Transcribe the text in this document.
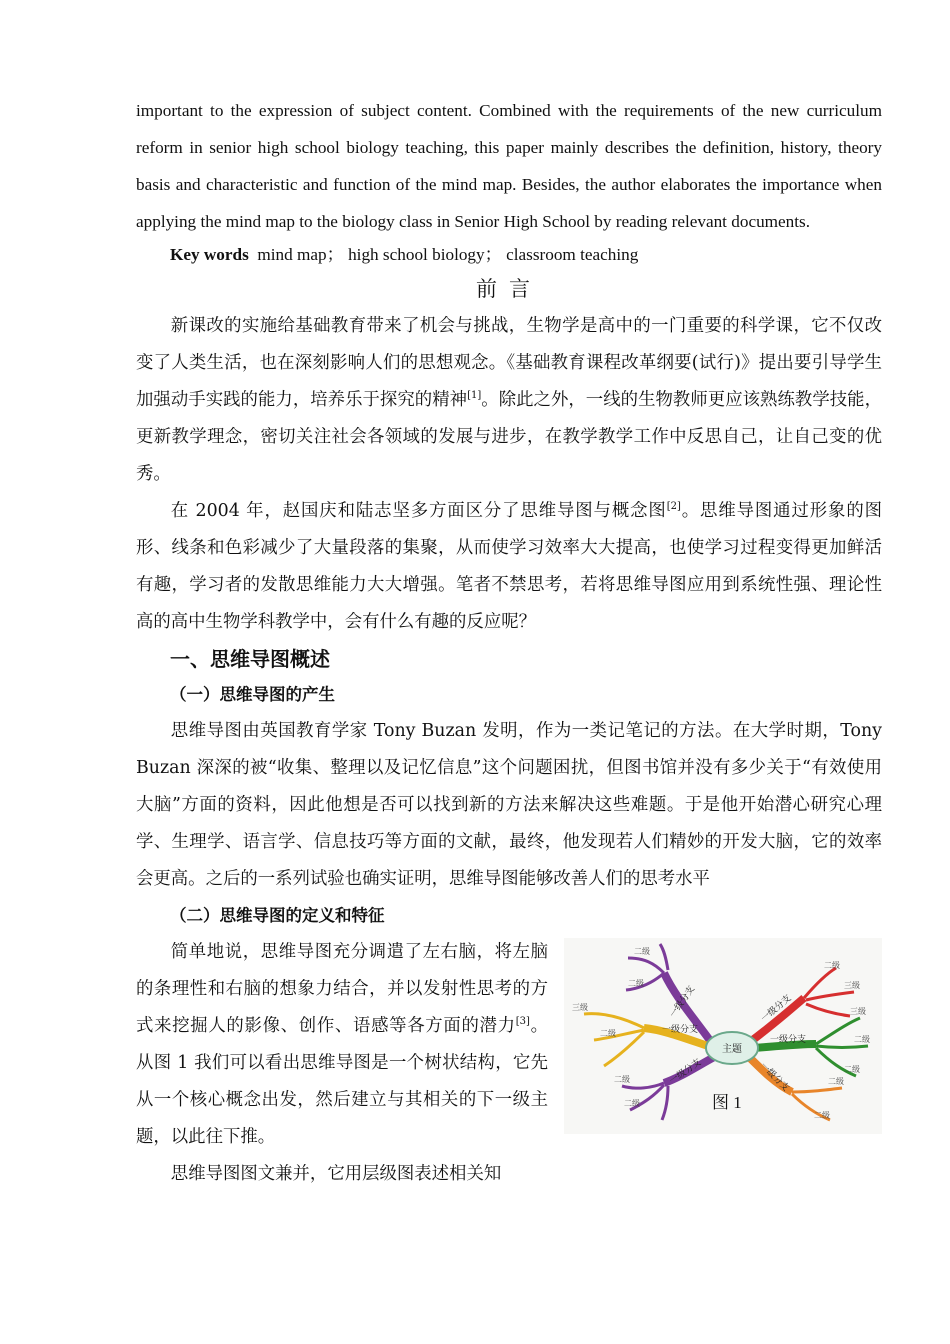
important to the expression of subject content. Combined with the requirements of the new curriculum reform in senior high school biology teaching, this paper mainly describes the definition, history, theory basis and characteristic and function of the mind map. Besides, the author elaborates the importance when applying the mind map to the biology class in Senior High School by reading relevant documents.

Key words mind map； high school biology； classroom teaching

前言

新课改的实施给基础教育带来了机会与挑战，生物学是高中的一门重要的科学课，它不仅改变了人类生活，也在深刻影响人们的思想观念。《基础教育课程改革纲要(试行)》提出要引导学生加强动手实践的能力，培养乐于探究的精神[1]。除此之外，一线的生物教师更应该熟练教学技能，更新教学理念，密切关注社会各领域的发展与进步，在教学教学工作中反思自己，让自己变的优秀。

在 2004 年，赵国庆和陆志坚多方面区分了思维导图与概念图[2]。思维导图通过形象的图形、线条和色彩减少了大量段落的集聚，从而使学习效率大大提高，也使学习过程变得更加鲜活有趣，学习者的发散思维能力大大增强。笔者不禁思考，若将思维导图应用到系统性强、理论性高的高中生物学科教学中，会有什么有趣的反应呢？

一、思维导图概述
（一）思维导图的产生

思维导图由英国教育学家 Tony Buzan 发明，作为一类记笔记的方法。在大学时期，Tony Buzan 深深的被“收集、整理以及记忆信息”这个问题困扰，但图书馆并没有多少关于“有效使用大脑”方面的资料，因此他想是否可以找到新的方法来解决这些难题。于是他开始潜心研究心理学、生理学、语言学、信息技巧等方面的文献，最终，他发现若人们精妙的开发大脑，它的效率会更高。之后的一系列试验也确实证明，思维导图能够改善人们的思考水平

（二）思维导图的定义和特征

简单地说，思维导图充分调遣了左右脑，将左脑的条理性和右脑的想象力结合，并以发射性思考的方式来挖掘人的影像、创作、语感等各方面的潜力[3]。从图 1 我们可以看出思维导图是一个树状结构，它先从一个核心概念出发，然后建立与其相关的下一级主题，以此往下推。

思维导图图文兼并，它用层级图表述相关知

主题
一级分支
一级分支
一级分支
一级分支
一级分支
一级分支
二级
二级
三级
二级
二级
二级
二级
三级
三级
二级
二级
二级
二级
图 1
